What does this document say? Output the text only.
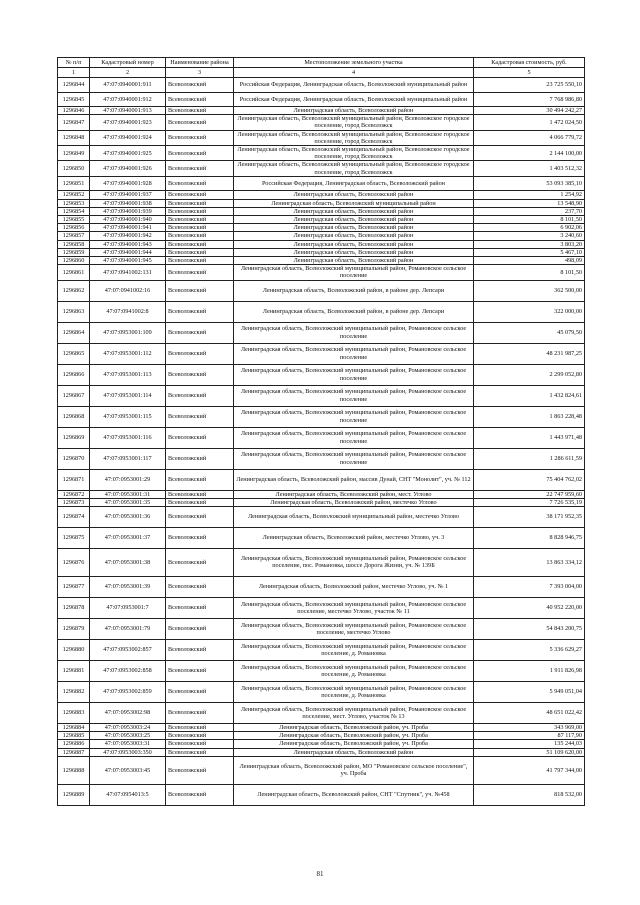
№ п/п	Кадастровый номер	Наименование района	Местоположение земельного участка	Кадастровая стоимость, руб.
1	2	3	4	5
1296844	47:07:0940001:911	Всеволожский	Российская Федерация, Ленинградская область, Всеволожский муниципальный район	23 725 550,10
1296845	47:07:0940001:912	Всеволожский	Российская Федерация, Ленинградская область, Всеволожский муниципальный район	7 768 986,80
1296846	47:07:0940001:913	Всеволожский	Ленинградская область, Всеволожский район	30 494 242,27
1296847	47:07:0940001:923	Всеволожский	Ленинградская область, Всеволожский муниципальный район, Всеволожское городское поселение, город Всеволожск	1 472 024,50
1296848	47:07:0940001:924	Всеволожский	Ленинградская область, Всеволожский муниципальный район, Всеволожское городское поселение, город Всеволожск	4 066 779,72
1296849	47:07:0940001:925	Всеволожский	Ленинградская область, Всеволожский муниципальный район, Всеволожское городское поселение, город Всеволожск	2 144 100,00
1296850	47:07:0940001:926	Всеволожский	Ленинградская область, Всеволожский муниципальный район, Всеволожское городское поселение, город Всеволожск	1 403 512,32
1296851	47:07:0940001:928	Всеволожский	Российская Федерация, Ленинградская область, Всеволожский район	53 093 385,10
1296852	47:07:0940001:937	Всеволожский	Ленинградская область, Всеволожский район	1 254,92
1296853	47:07:0940001:938	Всеволожский	Ленинградская область, Всеволожский муниципальный район	13 548,90
1296854	47:07:0940001:939	Всеволожский	Ленинградская область, Всеволожский район	237,70
1296855	47:07:0940001:940	Всеволожский	Ленинградская область, Всеволожский район	8 101,50
1296856	47:07:0940001:941	Всеволожский	Ленинградская область, Всеволожский район	6 902,06
1296857	47:07:0940001:942	Всеволожский	Ленинградская область, Всеволожский район	3 240,60
1296858	47:07:0940001:943	Всеволожский	Ленинградская область, Всеволожский район	3 803,20
1296859	47:07:0940001:944	Всеволожский	Ленинградская область, Всеволожский район	5 467,10
1296860	47:07:0940001:945	Всеволожский	Ленинградская область, Всеволожский район	498,09
1296861	47:07:0941002:131	Всеволожский	Ленинградская область, Всеволожский муниципальный район, Романовское сельское поселение	8 101,50
1296862	47:07:0941002:16	Всеволожский	Ленинградская область, Всеволожский район, в районе дер. Лепсари	362 500,00
1296863	47:07:0941002:8	Всеволожский	Ленинградская область, Всеволожский район, в районе дер. Лепсари	322 000,00
1296864	47:07:0953001:109	Всеволожский	Ленинградская область, Всеволожский муниципальный район, Романовское сельское поселение	45 079,50
1296865	47:07:0953001:112	Всеволожский	Ленинградская область, Всеволожский муниципальный район, Романовское сельское поселение	48 231 987,25
1296866	47:07:0953001:113	Всеволожский	Ленинградская область, Всеволожский муниципальный район, Романовское сельское поселение	2 299 052,80
1296867	47:07:0953001:114	Всеволожский	Ленинградская область, Всеволожский муниципальный район, Романовское сельское поселение	1 432 824,61
1296868	47:07:0953001:115	Всеволожский	Ленинградская область, Всеволожский муниципальный район, Романовское сельское поселение	1 863 228,48
1296869	47:07:0953001:116	Всеволожский	Ленинградская область, Всеволожский муниципальный район, Романовское сельское поселение	1 443 971,48
1296870	47:07:0953001:117	Всеволожский	Ленинградская область, Всеволожский муниципальный район, Романовское сельское поселение	1 286 611,59
1296871	47:07:0953001:29	Всеволожский	Ленинградская область, Всеволожский район, массив Дунай, СНТ "Монолит", уч. № 112	75 404 762,02
1296872	47:07:0953001:31	Всеволожский	Ленинградская область, Всеволожский район, мест. Углово	22 747 959,60
1296873	47:07:0953001:35	Всеволожский	Ленинградская область, Всеволожский район, местечко Углово	7 726 535,19
1296874	47:07:0953001:36	Всеволожский	Ленинградская область, Всеволожский муниципальный район, местечко Углово	38 171 952,35
1296875	47:07:0953001:37	Всеволожский	Ленинградская область, Всеволожский район, местечко Углово, уч. 3	8 828 946,75
1296876	47:07:0953001:38	Всеволожский	Ленинградская область, Всеволожский муниципальный район, Романовское сельское поселение, пос. Романовка, шоссе Дорога Жизни, уч. № 139Б	13 863 334,12
1296877	47:07:0953001:39	Всеволожский	Ленинградская область, Всеволожский район, местечко Углово, уч. № 1	7 393 004,00
1296878	47:07:0953001:7	Всеволожский	Ленинградская область, Всеволожский муниципальный район, Романовское сельское поселение, местечко Углово, участок № 11	40 952 220,00
1296879	47:07:0953001:79	Всеволожский	Ленинградская область, Всеволожский муниципальный район, Романовское сельское поселение, местечко Углово	54 843 200,75
1296880	47:07:0953002:857	Всеволожский	Ленинградская область, Всеволожский муниципальный район, Романовское сельское поселение, д. Романовка	5 336 629,27
1296881	47:07:0953002:858	Всеволожский	Ленинградская область, Всеволожский муниципальный район, Романовское сельское поселение, д. Романовка	1 911 826,98
1296882	47:07:0953002:859	Всеволожский	Ленинградская область, Всеволожский муниципальный район, Романовское сельское поселение, д. Романовка	5 949 051,04
1296883	47:07:0953002:98	Всеволожский	Ленинградская область, Всеволожский муниципальный район, Романовское сельское поселение, мест. Углово, участок № 13	48 651 022,42
1296884	47:07:0953003:24	Всеволожский	Ленинградская область, Всеволожский район, уч. Проба	343 969,00
1296885	47:07:0953003:25	Всеволожский	Ленинградская область, Всеволожский район, уч. Проба	87 117,90
1296886	47:07:0953003:31	Всеволожский	Ленинградская область, Всеволожский район, уч. Проба	135 244,03
1296887	47:07:0953003:350	Всеволожский	Ленинградская область, Всеволожский район	51 109 620,00
1296888	47:07:0953003:45	Всеволожский	Ленинградская область, Всеволожский район, МО "Романовское сельское поселение", уч. Проба	41 797 344,00
1296889	47:07:0954013:5	Всеволожский	Ленинградская область, Всеволожский район, СНТ "Спутник", уч. №458	818 532,00
81
